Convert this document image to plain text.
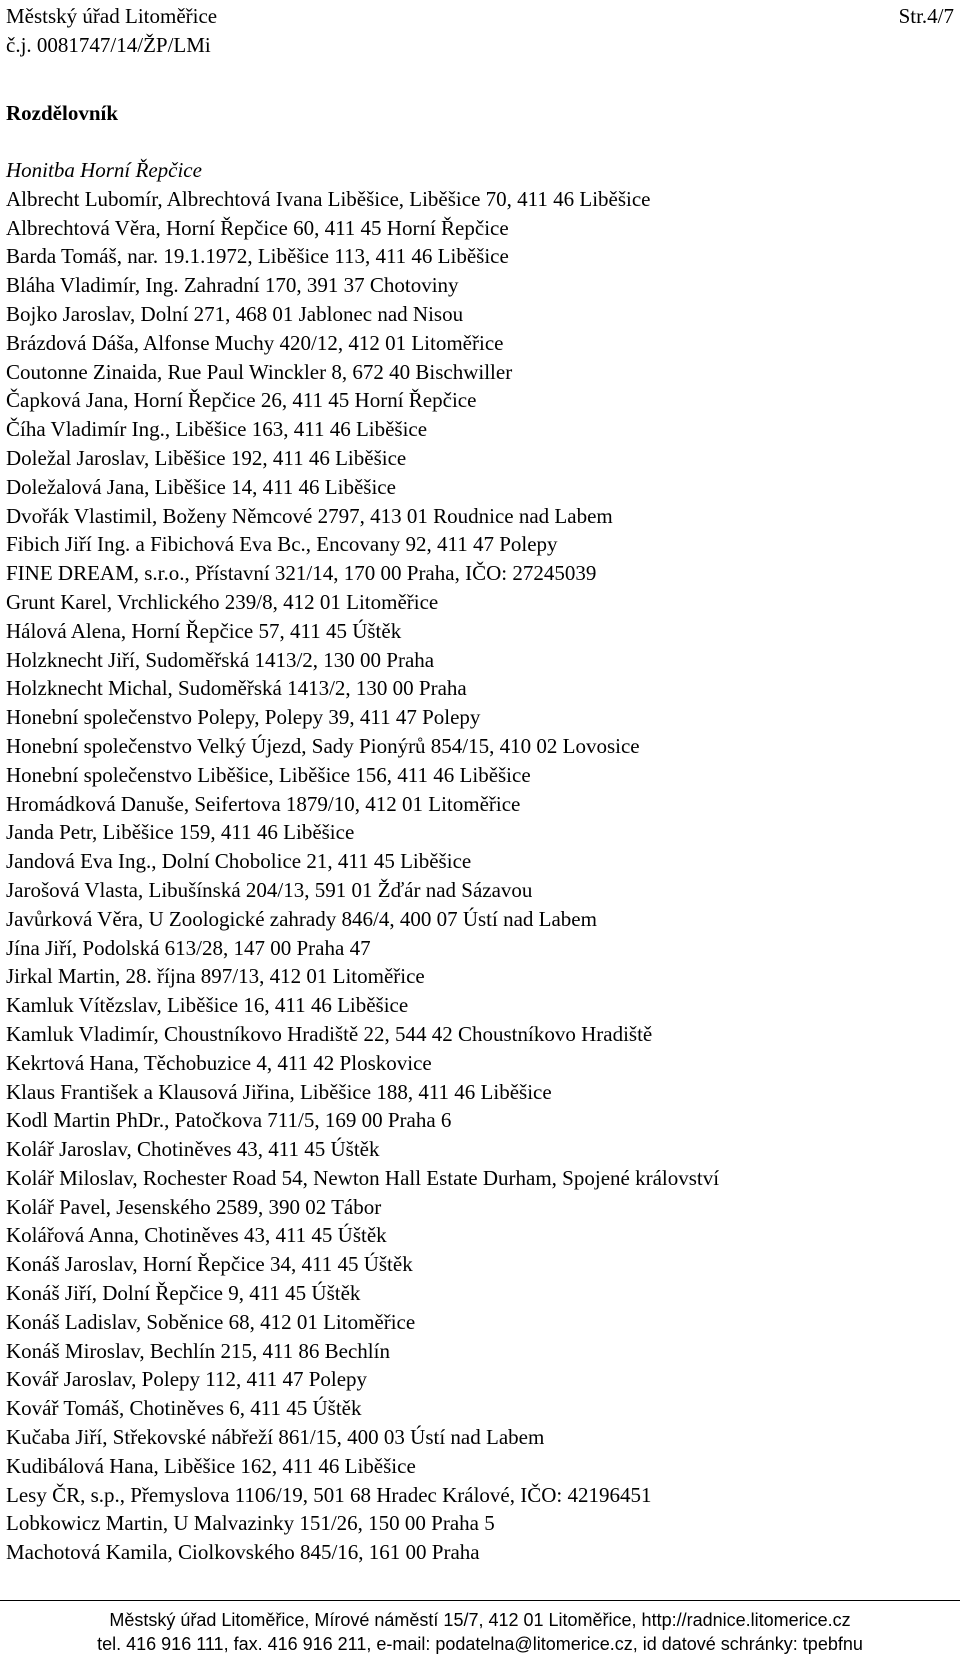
Městský úřad Litoměřice
č.j. 0081747/14/ŽP/LMi
Str.4/7
Rozdělovník
Honitba Horní Řepčice
Albrecht Lubomír, Albrechtová Ivana Liběšice, Liběšice 70, 411 46 Liběšice
Albrechtová Věra, Horní Řepčice 60, 411 45 Horní Řepčice
Barda Tomáš, nar. 19.1.1972, Liběšice 113, 411 46 Liběšice
Bláha Vladimír, Ing. Zahradní 170, 391 37 Chotoviny
Bojko Jaroslav, Dolní 271, 468 01 Jablonec nad Nisou
Brázdová Dáša, Alfonse Muchy 420/12, 412 01 Litoměřice
Coutonne Zinaida, Rue Paul Winckler 8, 672 40 Bischwiller
Čapková Jana, Horní Řepčice 26, 411 45 Horní Řepčice
Číha Vladimír Ing., Liběšice 163, 411 46 Liběšice
Doležal Jaroslav, Liběšice 192, 411 46 Liběšice
Doležalová Jana, Liběšice 14, 411 46 Liběšice
Dvořák Vlastimil, Boženy Němcové 2797, 413 01 Roudnice nad Labem
Fibich Jiří Ing. a Fibichová Eva Bc., Encovany 92, 411 47 Polepy
FINE DREAM, s.r.o., Přístavní 321/14, 170 00 Praha, IČO: 27245039
Grunt Karel, Vrchlického 239/8, 412 01 Litoměřice
Hálová Alena, Horní Řepčice 57, 411 45 Úštěk
Holzknecht Jiří, Sudoměřská 1413/2, 130 00 Praha
Holzknecht Michal, Sudoměřská 1413/2, 130 00 Praha
Honební společenstvo Polepy, Polepy 39, 411 47 Polepy
Honební společenstvo Velký Újezd, Sady Pionýrů 854/15, 410 02 Lovosice
Honební společenstvo Liběšice, Liběšice 156, 411 46 Liběšice
Hromádková Danuše, Seifertova 1879/10, 412 01 Litoměřice
Janda Petr, Liběšice 159, 411 46 Liběšice
Jandová Eva Ing., Dolní Chobolice 21, 411 45 Liběšice
Jarošová Vlasta, Libušínská 204/13, 591 01 Žďár nad Sázavou
Javůrková Věra, U Zoologické zahrady 846/4, 400 07 Ústí nad Labem
Jína Jiří, Podolská 613/28, 147 00 Praha 47
Jirkal Martin, 28. října 897/13, 412 01 Litoměřice
Kamluk Vítězslav, Liběšice 16, 411 46 Liběšice
Kamluk Vladimír, Choustníkovo Hradiště 22, 544 42 Choustníkovo Hradiště
Kekrtová Hana, Těchobuzice 4, 411 42 Ploskovice
Klaus František a Klausová Jiřina, Liběšice 188, 411 46 Liběšice
Kodl Martin PhDr., Patočkova 711/5, 169 00 Praha 6
Kolář Jaroslav, Chotiněves 43, 411 45 Úštěk
Kolář Miloslav, Rochester Road 54, Newton Hall Estate Durham, Spojené království
Kolář Pavel, Jesenského 2589, 390 02 Tábor
Kolářová Anna, Chotiněves 43, 411 45 Úštěk
Konáš Jaroslav, Horní Řepčice 34, 411 45 Úštěk
Konáš Jiří, Dolní Řepčice 9, 411 45 Úštěk
Konáš Ladislav, Soběnice 68, 412 01 Litoměřice
Konáš Miroslav, Bechlín 215, 411 86 Bechlín
Kovář Jaroslav, Polepy 112, 411 47 Polepy
Kovář Tomáš, Chotiněves 6, 411 45 Úštěk
Kučaba Jiří, Střekovské nábřeží 861/15, 400 03 Ústí nad Labem
Kudibálová Hana, Liběšice 162, 411 46 Liběšice
Lesy ČR, s.p., Přemyslova 1106/19, 501 68 Hradec Králové, IČO: 42196451
Lobkowicz Martin, U Malvazinky 151/26, 150 00 Praha 5
Machotová Kamila, Ciolkovského 845/16, 161 00 Praha
Městský úřad Litoměřice, Mírové náměstí 15/7, 412 01 Litoměřice, http://radnice.litomerice.cz
tel. 416 916 111, fax. 416 916 211, e-mail: podatelna@litomerice.cz, id datové schránky: tpebfnu
